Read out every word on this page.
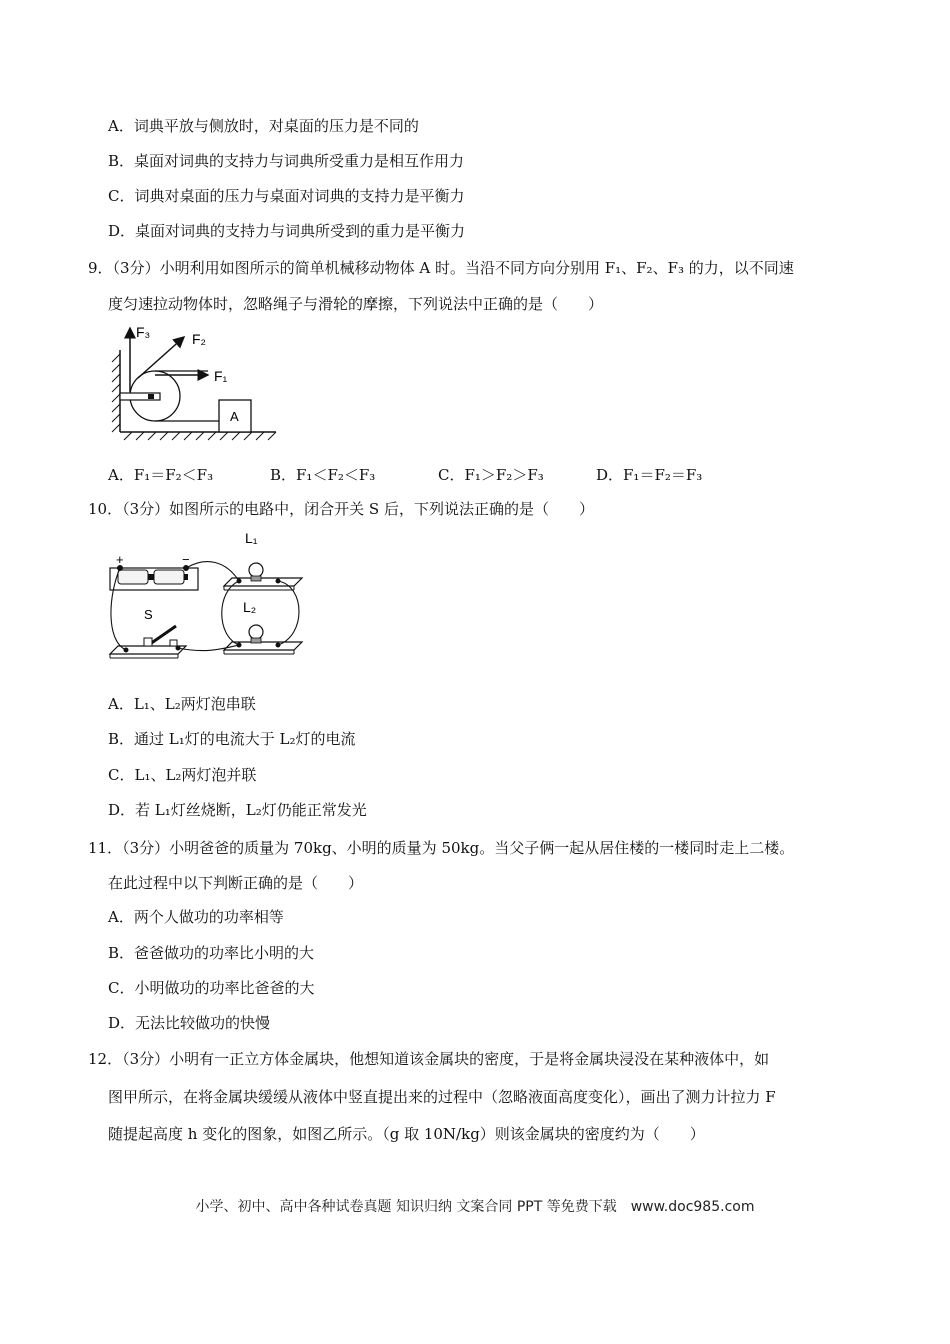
A．词典平放与侧放时，对桌面的压力是不同的
B．桌面对词典的支持力与词典所受重力是相互作用力
C．词典对桌面的压力与桌面对词典的支持力是平衡力
D．桌面对词典的支持力与词典所受到的重力是平衡力
9．（3分）小明利用如图所示的简单机械移动物体 A 时。当沿不同方向分别用 F₁、F₂、F₃ 的力，以不同速
度匀速拉动物体时，忽略绳子与滑轮的摩擦，下列说法中正确的是（　　）
A
F₁
F₂
F₃
A．F₁＝F₂＜F₃	B．F₁＜F₂＜F₃	C．F₁＞F₂＞F₃	D．F₁＝F₂＝F₃
10．（3分）如图所示的电路中，闭合开关 S 后，下列说法正确的是（　　）
+	−
L₁
L₂
S
A．L₁、L₂两灯泡串联
B．通过 L₁灯的电流大于 L₂灯的电流
C．L₁、L₂两灯泡并联
D．若 L₁灯丝烧断，L₂灯仍能正常发光
11．（3分）小明爸爸的质量为 70kg、小明的质量为 50kg。当父子俩一起从居住楼的一楼同时走上二楼。
在此过程中以下判断正确的是（　　）
A．两个人做功的功率相等
B．爸爸做功的功率比小明的大
C．小明做功的功率比爸爸的大
D．无法比较做功的快慢
12．（3分）小明有一正立方体金属块，他想知道该金属块的密度，于是将金属块浸没在某种液体中，如
图甲所示，在将金属块缓缓从液体中竖直提出来的过程中（忽略液面高度变化），画出了测力计拉力 F
随提起高度 h 变化的图象，如图乙所示。（g 取 10N/kg）则该金属块的密度约为（　　）
小学、初中、高中各种试卷真题 知识归纳 文案合同 PPT 等免费下载　www.doc985.com
